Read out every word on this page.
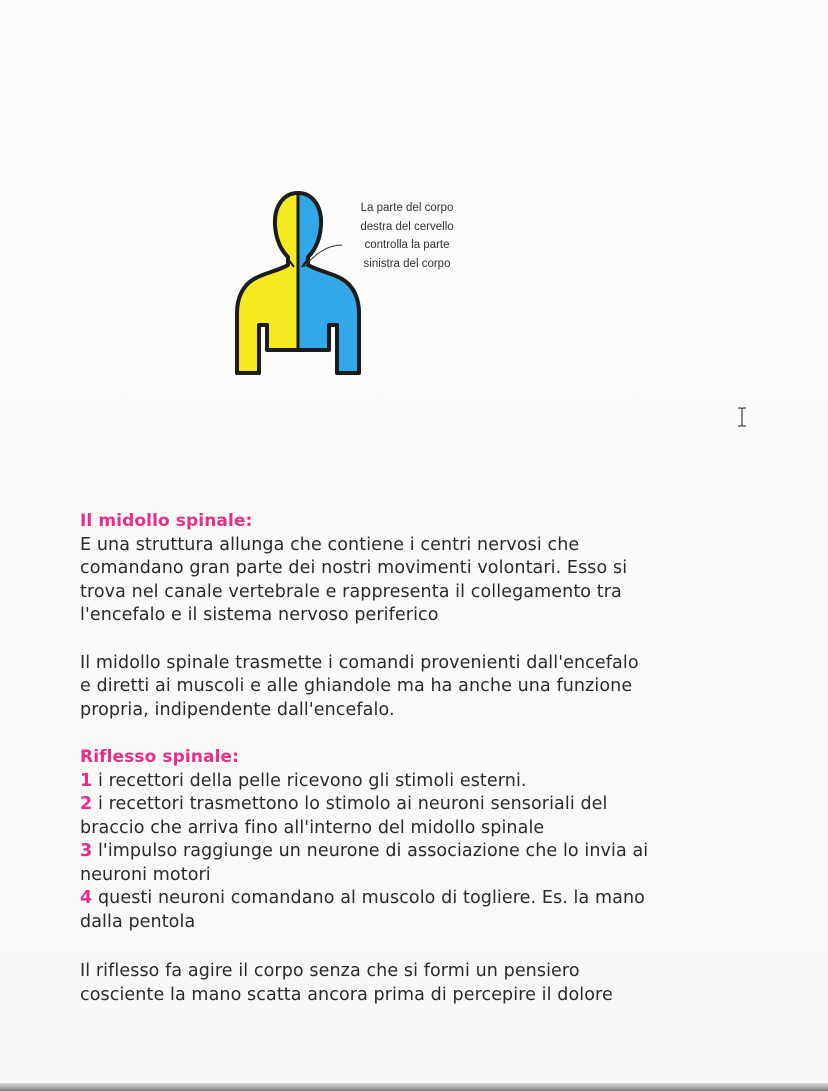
La parte del corpo
destra del cervello
controlla la parte
sinistra del corpo
Il midollo spinale:

E una struttura allunga che contiene i centri nervosi che
comandano gran parte dei nostri movimenti volontari. Esso si
trova nel canale vertebrale e rappresenta il collegamento tra
l'encefalo e il sistema nervoso periferico

Il midollo spinale trasmette i comandi provenienti dall'encefalo
e diretti ai muscoli e alle ghiandole ma ha anche una funzione
propria, indipendente dall'encefalo.

Riflesso spinale:
1 i recettori della pelle ricevono gli stimoli esterni.
2 i recettori trasmettono lo stimolo ai neuroni sensoriali del
braccio che arriva fino all'interno del midollo spinale
3 l'impulso raggiunge un neurone di associazione che lo invia ai
neuroni motori
4 questi neuroni comandano al muscolo di togliere. Es. la mano
dalla pentola

Il riflesso fa agire il corpo senza che si formi un pensiero
cosciente la mano scatta ancora prima di percepire il dolore
